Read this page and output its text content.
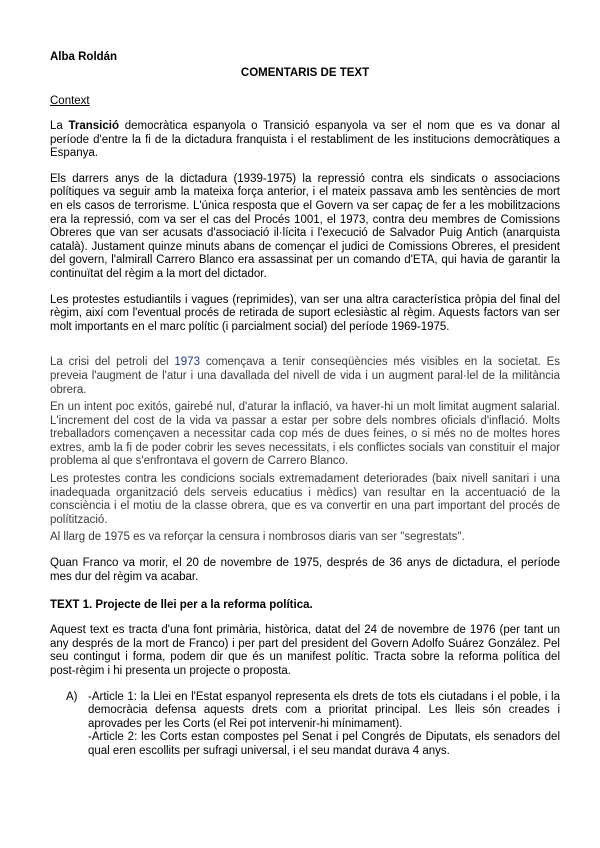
Alba Roldán
COMENTARIS DE TEXT
Context

La Transició democràtica espanyola o Transició espanyola va ser el nom que es va donar al període d'entre la fi de la dictadura franquista i el restabliment de les institucions democràtiques a Espanya.

Els darrers anys de la dictadura (1939-1975) la repressió contra els sindicats o associacions polítiques va seguir amb la mateixa força anterior, i el mateix passava amb les sentències de mort en els casos de terrorisme. L'única resposta que el Govern va ser capaç de fer a les mobilitzacions era la repressió, com va ser el cas del Procés 1001, el 1973, contra deu membres de Comissions Obreres que van ser acusats d'associació il·lícita i l'execució de Salvador Puig Antich (anarquista català). Justament quinze minuts abans de començar el judici de Comissions Obreres, el president del govern, l'almirall Carrero Blanco era assassinat per un comando d'ETA, qui havia de garantir la continuïtat del règim a la mort del dictador.

Les protestes estudiantils i vagues (reprimides), van ser una altra característica pròpia del final del règim, així com l'eventual procés de retirada de suport eclesiàstic al règim. Aquests factors van ser molt importants en el marc polític (i parcialment social) del període 1969-1975.

La crisi del petroli del 1973 començava a tenir conseqüències més visibles en la societat. Es preveia l'augment de l'atur i una davallada del nivell de vida i un augment paral·lel de la militància obrera.

En un intent poc exitós, gairebé nul, d'aturar la inflació, va haver-hi un molt limitat augment salarial. L'increment del cost de la vida va passar a estar per sobre dels nombres oficials d'inflació. Molts treballadors començaven a necessitar cada cop més de dues feines, o si més no de moltes hores extres, amb la fi de poder cobrir les seves necessitats, i els conflictes socials van constituir el major problema al que s'enfrontava el govern de Carrero Blanco.

Les protestes contra les condicions socials extremadament deteriorades (baix nivell sanitari i una inadequada organització dels serveis educatius i mèdics) van resultar en la accentuació de la consciència i el motiu de la classe obrera, que es va convertir en una part important del procés de polítització.

Al llarg de 1975 es va reforçar la censura i nombrosos diaris van ser "segrestats".

Quan Franco va morir, el 20 de novembre de 1975, després de 36 anys de dictadura, el període mes dur del règim va acabar.

TEXT 1. Projecte de llei per a la reforma política.

Aquest text es tracta d'una font primària, històrica, datat del 24 de novembre de 1976 (per tant un any després de la mort de Franco) i per part del president del Govern Adolfo Suárez González. Pel seu contingut i forma, podem dir que és un manifest polític. Tracta sobre la reforma política del post-règim i hi presenta un projecte o proposta.

A) -Article 1: la Llei en l'Estat espanyol representa els drets de tots els ciutadans i el poble, i la democràcia defensa aquests drets com a prioritat principal. Les lleis són creades i aprovades per les Corts (el Rei pot intervenir-hi mínimament).

-Article 2: les Corts estan compostes pel Senat i pel Congrés de Diputats, els senadors del qual eren escollits per sufragi universal, i el seu mandat durava 4 anys.
